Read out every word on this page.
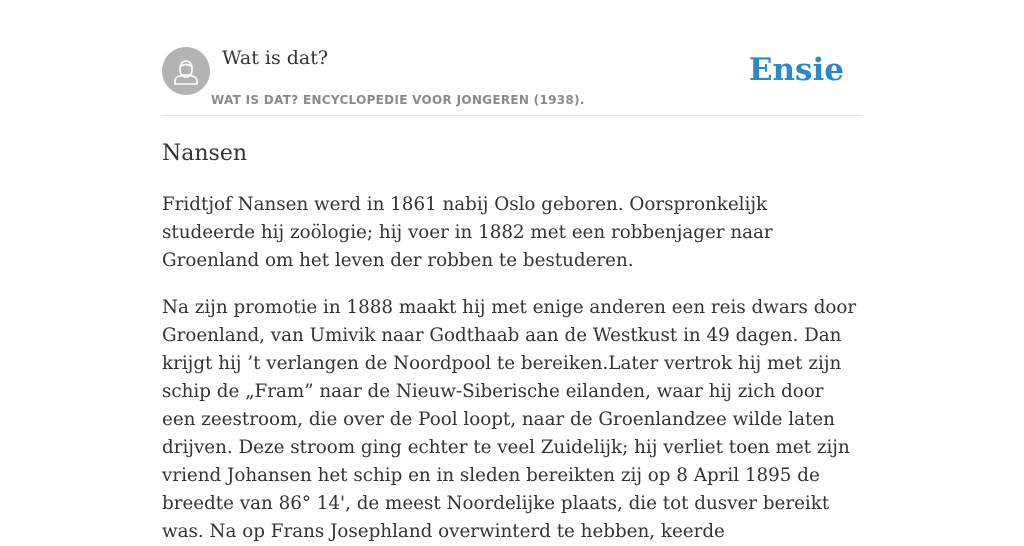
Wat is dat?
WAT IS DAT? ENCYCLOPEDIE VOOR JONGEREN (1938).
Ensie
Nansen

Fridtjof Nansen werd in 1861 nabij Oslo geboren. Oorspronkelijk studeerde hij zoölogie; hij voer in 1882 met een robbenjager naar Groenland om het leven der robben te bestuderen.

Na zijn promotie in 1888 maakt hij met enige anderen een reis dwars door Groenland, van Umivik naar Godthaab aan de Westkust in 49 dagen. Dan krijgt hij ’t verlangen de Noordpool te bereiken.Later vertrok hij met zijn schip de „Fram” naar de Nieuw-Siberische eilanden, waar hij zich door een zeestroom, die over de Pool loopt, naar de Groenlandzee wilde laten drijven. Deze stroom ging echter te veel Zuidelijk; hij verliet toen met zijn vriend Johansen het schip en in sleden bereikten zij op 8 April 1895 de breedte van 86° 14', de meest Noordelijke plaats, die tot dusver bereikt was. Na op Frans Josephland overwinterd te hebben, keerde
